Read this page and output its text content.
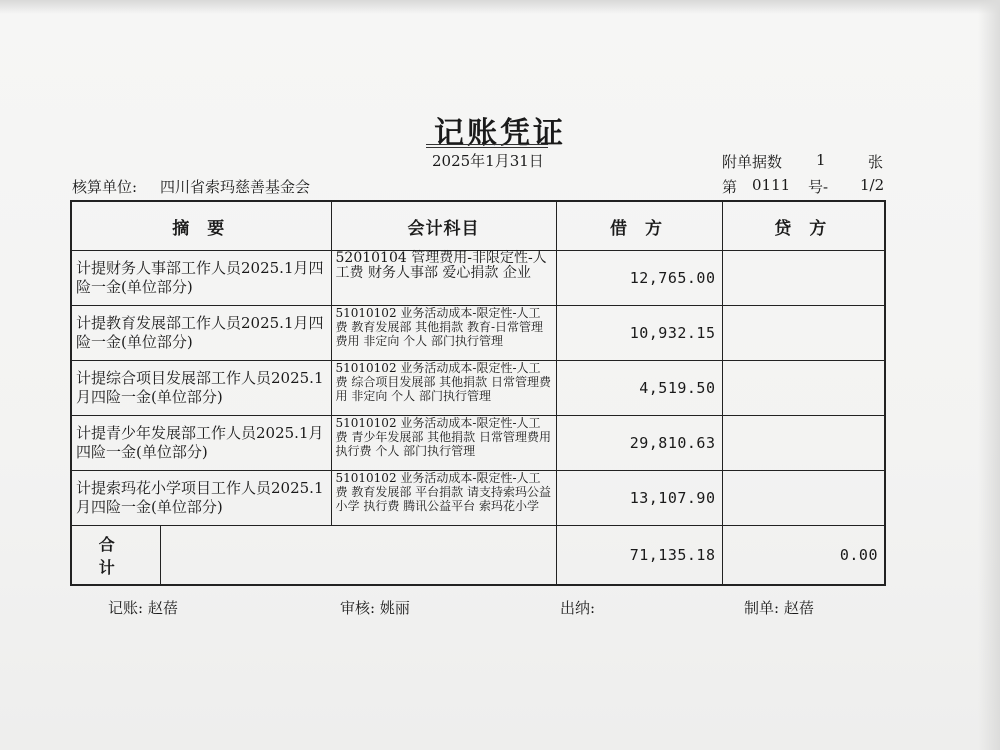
记账凭证
2025年1月31日	附单据数 1	张
核算单位: 四川省索玛慈善基金会	第 0111 号- 1/2
摘 要		会计科目	借 方	贷 方
计提财务人事部工作人员2025.1月四险一金(单位部分)		52010104 管理费用-非限定性-人工费 财务人事部 爱心捐款 企业	12,765.00	
计提教育发展部工作人员2025.1月四险一金(单位部分)		51010102 业务活动成本-限定性-人工费 教育发展部 其他捐款 教育-日常管理费用 非定向 个人 部门执行管理	10,932.15	
计提综合项目发展部工作人员2025.1月四险一金(单位部分)		51010102 业务活动成本-限定性-人工费 综合项目发展部 其他捐款 日常管理费用 非定向 个人 部门执行管理	4,519.50	
计提青少年发展部工作人员2025.1月四险一金(单位部分)		51010102 业务活动成本-限定性-人工费 青少年发展部 其他捐款 日常管理费用 执行费 个人 部门执行管理	29,810.63	
计提索玛花小学项目工作人员2025.1月四险一金(单位部分)		51010102 业务活动成本-限定性-人工费 教育发展部 平台捐款 请支持索玛公益小学 执行费 腾讯公益平台 索玛花小学	13,107.90	
合 计			71,135.18	0.00
记账: 赵蓓	审核: 姚丽	出纳:	制单: 赵蓓
